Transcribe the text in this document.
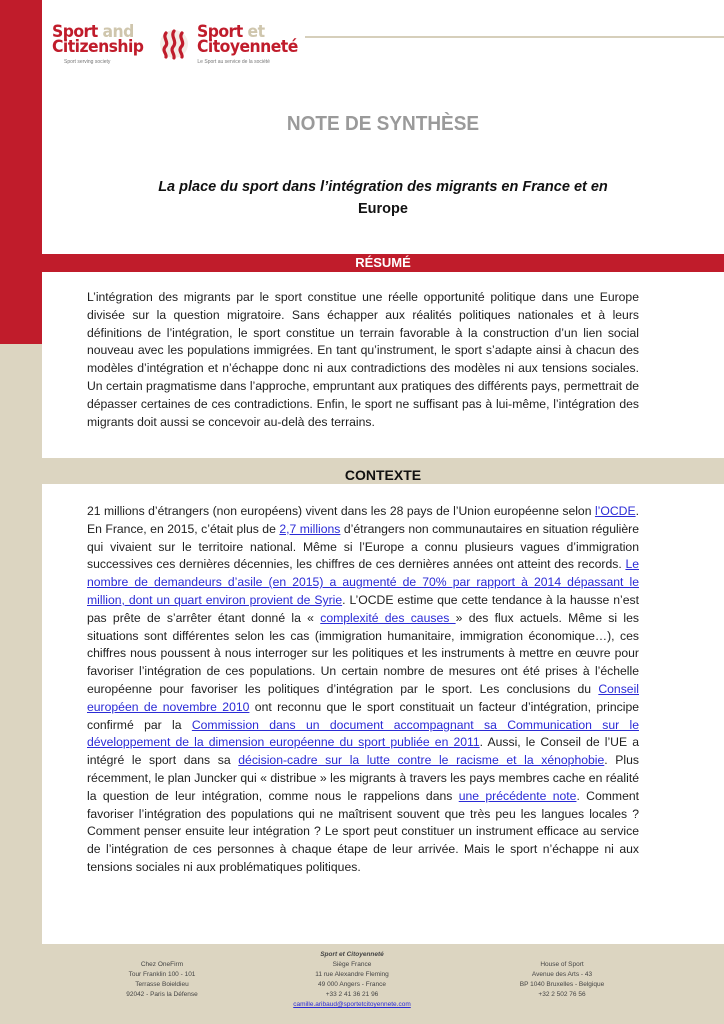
Sport and
Citizenship
Sport serving society
Sport et
Citoyenneté
Le Sport au service de la société
NOTE DE SYNTHÈSE
La place du sport dans l’intégration des migrants en France et en
Europe
RÉSUMÉ
L’intégration des migrants par le sport constitue une réelle opportunité politique dans une Europe divisée sur la question migratoire. Sans échapper aux réalités politiques nationales et à leurs définitions de l’intégration, le sport constitue un terrain favorable à la construction d’un lien social nouveau avec les populations immigrées. En tant qu’instrument, le sport s’adapte ainsi à chacun des modèles d’intégration et n’échappe donc ni aux contradictions des modèles ni aux tensions sociales. Un certain pragmatisme dans l’approche, empruntant aux pratiques des différents pays, permettrait de dépasser certaines de ces contradictions. Enfin, le sport ne suffisant pas à lui-même, l’intégration des migrants doit aussi se concevoir au-delà des terrains.
CONTEXTE
21 millions d’étrangers (non européens) vivent dans les 28 pays de l’Union européenne selon l’OCDE. En France, en 2015, c’était plus de 2,7 millions d’étrangers non communautaires en situation régulière qui vivaient sur le territoire national. Même si l’Europe a connu plusieurs vagues d’immigration successives ces dernières décennies, les chiffres de ces dernières années ont atteint des records. Le nombre de demandeurs d’asile (en 2015) a augmenté de 70% par rapport à 2014 dépassant le million, dont un quart environ provient de Syrie. L’OCDE estime que cette tendance à la hausse n’est pas prête de s’arrêter étant donné la « complexité des causes » des flux actuels. Même si les situations sont différentes selon les cas (immigration humanitaire, immigration économique…), ces chiffres nous poussent à nous interroger sur les politiques et les instruments à mettre en œuvre pour favoriser l’intégration de ces populations. Un certain nombre de mesures ont été prises à l’échelle européenne pour favoriser les politiques d’intégration par le sport. Les conclusions du Conseil européen de novembre 2010 ont reconnu que le sport constituait un facteur d’intégration, principe confirmé par la Commission dans un document accompagnant sa Communication sur le développement de la dimension européenne du sport publiée en 2011. Aussi, le Conseil de l’UE a intégré le sport dans sa décision-cadre sur la lutte contre le racisme et la xénophobie. Plus récemment, le plan Juncker qui « distribue » les migrants à travers les pays membres cache en réalité la question de leur intégration, comme nous le rappelions dans une précédente note. Comment favoriser l’intégration des populations qui ne maîtrisent souvent que très peu les langues locales ? Comment penser ensuite leur intégration ? Le sport peut constituer un instrument efficace au service de l’intégration de ces personnes à chaque étape de leur arrivée. Mais le sport n’échappe ni aux tensions sociales ni aux problématiques politiques.
Chez OneFirm
Tour Franklin 100 - 101
Terrasse Boieldieu
92042 - Paris la Défense
Sport et Citoyenneté
Siège France
11 rue Alexandre Fleming
49 000 Angers - France
+33 2 41 36 21 96
camille.aribaud@sportetcitoyennete.com
House of Sport
Avenue des Arts - 43
BP 1040 Bruxelles - Belgique
+32 2 502 76 56
